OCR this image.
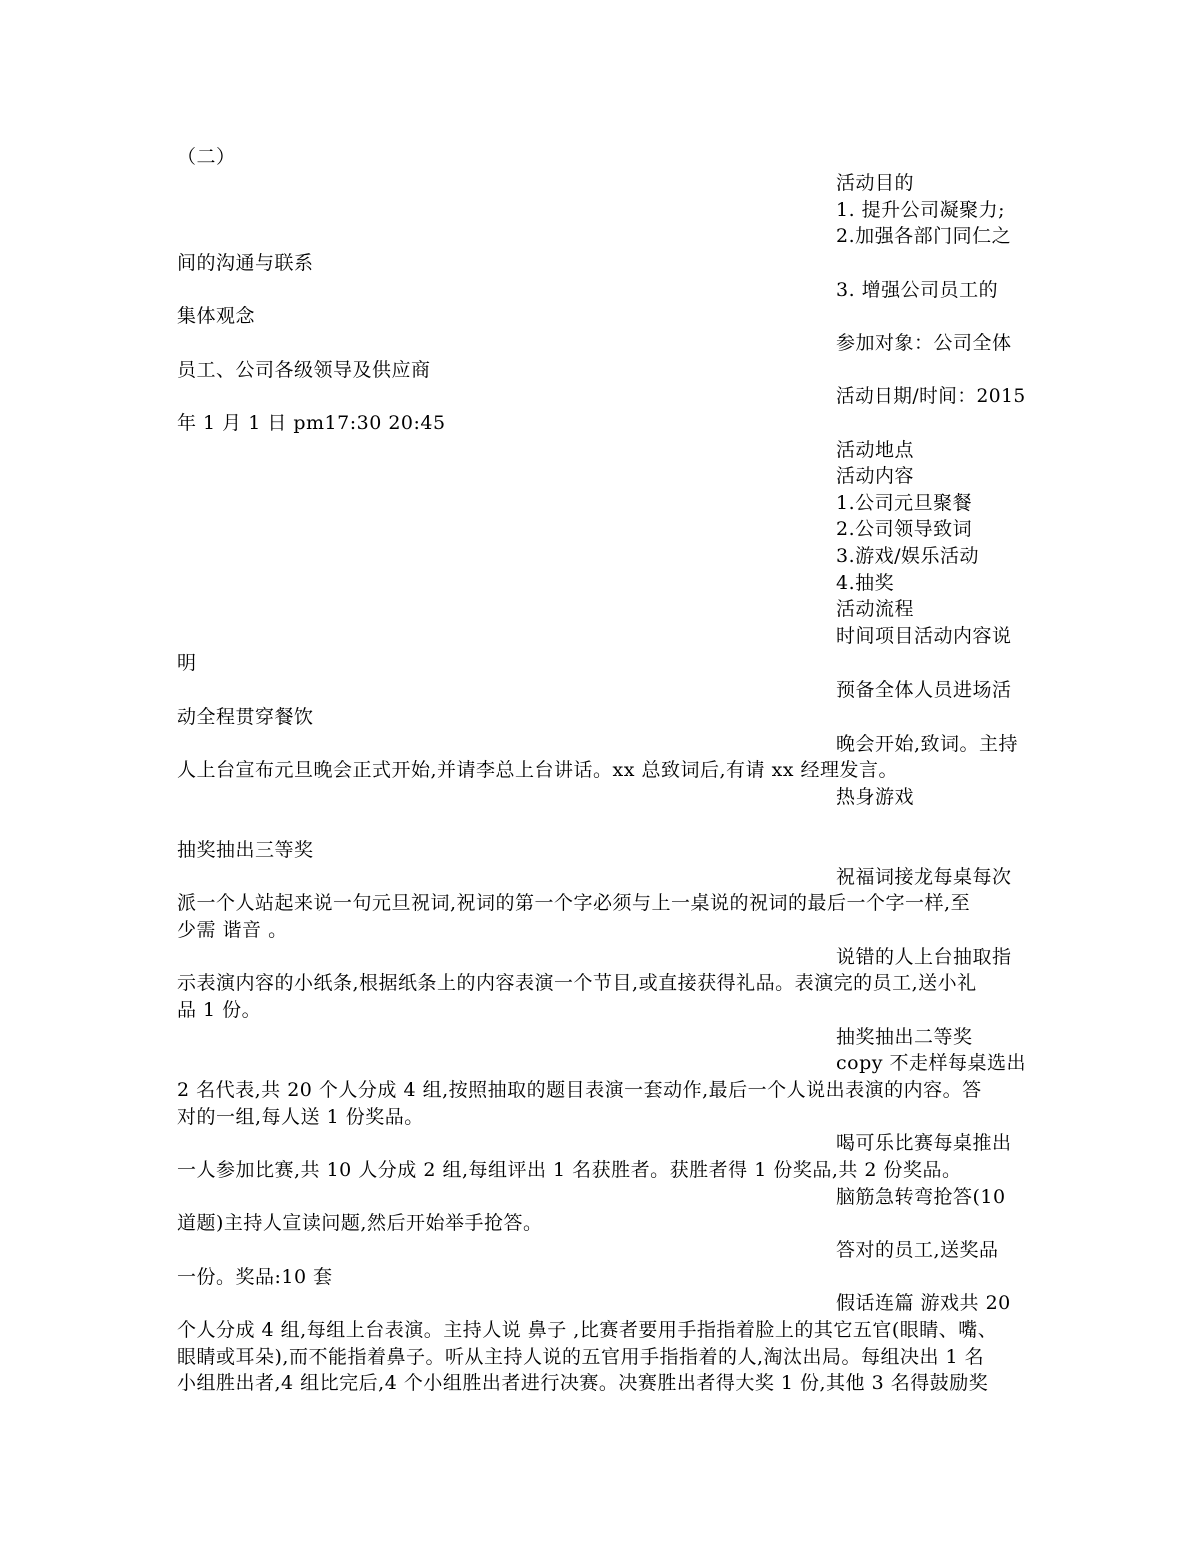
（二）
活动目的
1. 提升公司凝聚力;
2.加强各部门同仁之
间的沟通与联系
3. 增强公司员工的
集体观念
参加对象：公司全体
员工、公司各级领导及供应商
活动日期/时间：2015
年 1 月 1 日 pm17:30 20:45
活动地点
活动内容
1.公司元旦聚餐
2.公司领导致词
3.游戏/娱乐活动
4.抽奖
活动流程
时间项目活动内容说
明
预备全体人员进场活
动全程贯穿餐饮
晚会开始,致词。主持
人上台宣布元旦晚会正式开始,并请李总上台讲话。xx 总致词后,有请 xx 经理发言。
热身游戏
抽奖抽出三等奖
祝福词接龙每桌每次
派一个人站起来说一句元旦祝词,祝词的第一个字必须与上一桌说的祝词的最后一个字一样,至
少需 谐音 。
说错的人上台抽取指
示表演内容的小纸条,根据纸条上的内容表演一个节目,或直接获得礼品。表演完的员工,送小礼
品 1 份。
抽奖抽出二等奖
copy 不走样每桌选出
2 名代表,共 20 个人分成 4 组,按照抽取的题目表演一套动作,最后一个人说出表演的内容。答
对的一组,每人送 1 份奖品。
喝可乐比赛每桌推出
一人参加比赛,共 10 人分成 2 组,每组评出 1 名获胜者。获胜者得 1 份奖品,共 2 份奖品。
脑筋急转弯抢答(10
道题)主持人宣读问题,然后开始举手抢答。
答对的员工,送奖品
一份。奖品:10 套
假话连篇 游戏共 20
个人分成 4 组,每组上台表演。主持人说 鼻子 ,比赛者要用手指指着脸上的其它五官(眼睛、嘴、
眼睛或耳朵),而不能指着鼻子。听从主持人说的五官用手指指着的人,淘汰出局。每组决出 1 名
小组胜出者,4 组比完后,4 个小组胜出者进行决赛。决赛胜出者得大奖 1 份,其他 3 名得鼓励奖
